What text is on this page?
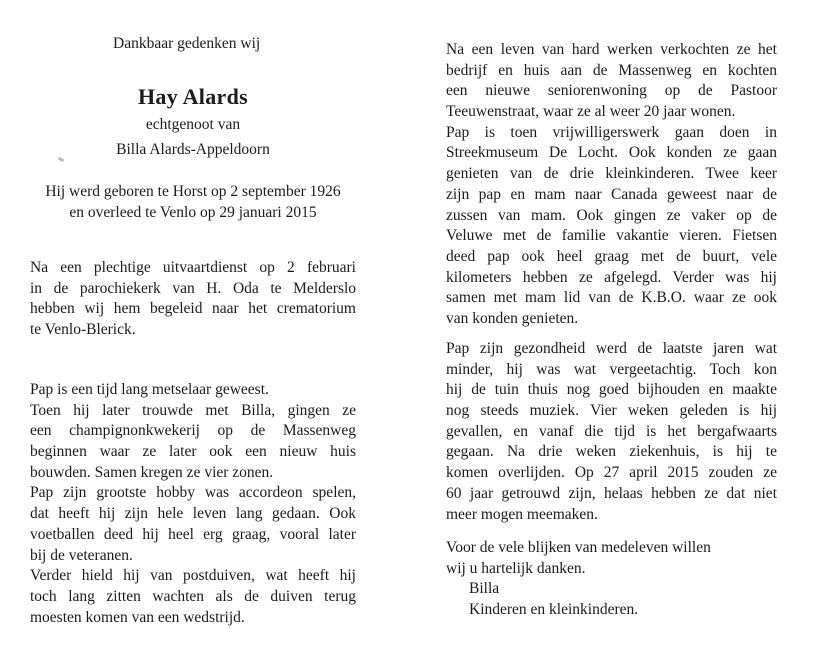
Dankbaar gedenken wij
Hay Alards
echtgenoot van
Billa Alards-Appeldoorn
Hij werd geboren te Horst op 2 september 1926
en overleed te Venlo op 29 januari 2015
Na een plechtige uitvaartdienst op 2 februari
in de parochiekerk van H. Oda te Melderslo
hebben wij hem begeleid naar het crematorium
te Venlo-Blerick.
Pap is een tijd lang metselaar geweest.
Toen hij later trouwde met Billa, gingen ze
een champignonkwekerij op de Massenweg
beginnen waar ze later ook een nieuw huis
bouwden. Samen kregen ze vier zonen.
Pap zijn grootste hobby was accordeon spelen,
dat heeft hij zijn hele leven lang gedaan. Ook
voetballen deed hij heel erg graag, vooral later
bij de veteranen.
Verder hield hij van postduiven, wat heeft hij
toch lang zitten wachten als de duiven terug
moesten komen van een wedstrijd.
Na een leven van hard werken verkochten ze het
bedrijf en huis aan de Massenweg en kochten
een nieuwe seniorenwoning op de Pastoor
Teeuwenstraat, waar ze al weer 20 jaar wonen.
Pap is toen vrijwilligerswerk gaan doen in
Streekmuseum De Locht. Ook konden ze gaan
genieten van de drie kleinkinderen. Twee keer
zijn pap en mam naar Canada geweest naar de
zussen van mam. Ook gingen ze vaker op de
Veluwe met de familie vakantie vieren. Fietsen
deed pap ook heel graag met de buurt, vele
kilometers hebben ze afgelegd. Verder was hij
samen met mam lid van de K.B.O. waar ze ook
van konden genieten.
Pap zijn gezondheid werd de laatste jaren wat
minder, hij was wat vergeetachtig. Toch kon
hij de tuin thuis nog goed bijhouden en maakte
nog steeds muziek. Vier weken geleden is hij
gevallen, en vanaf die tijd is het bergafwaarts
gegaan. Na drie weken ziekenhuis, is hij te
komen overlijden. Op 27 april 2015 zouden ze
60 jaar getrouwd zijn, helaas hebben ze dat niet
meer mogen meemaken.
Voor de vele blijken van medeleven willen
wij u hartelijk danken.
Billa
Kinderen en kleinkinderen.
